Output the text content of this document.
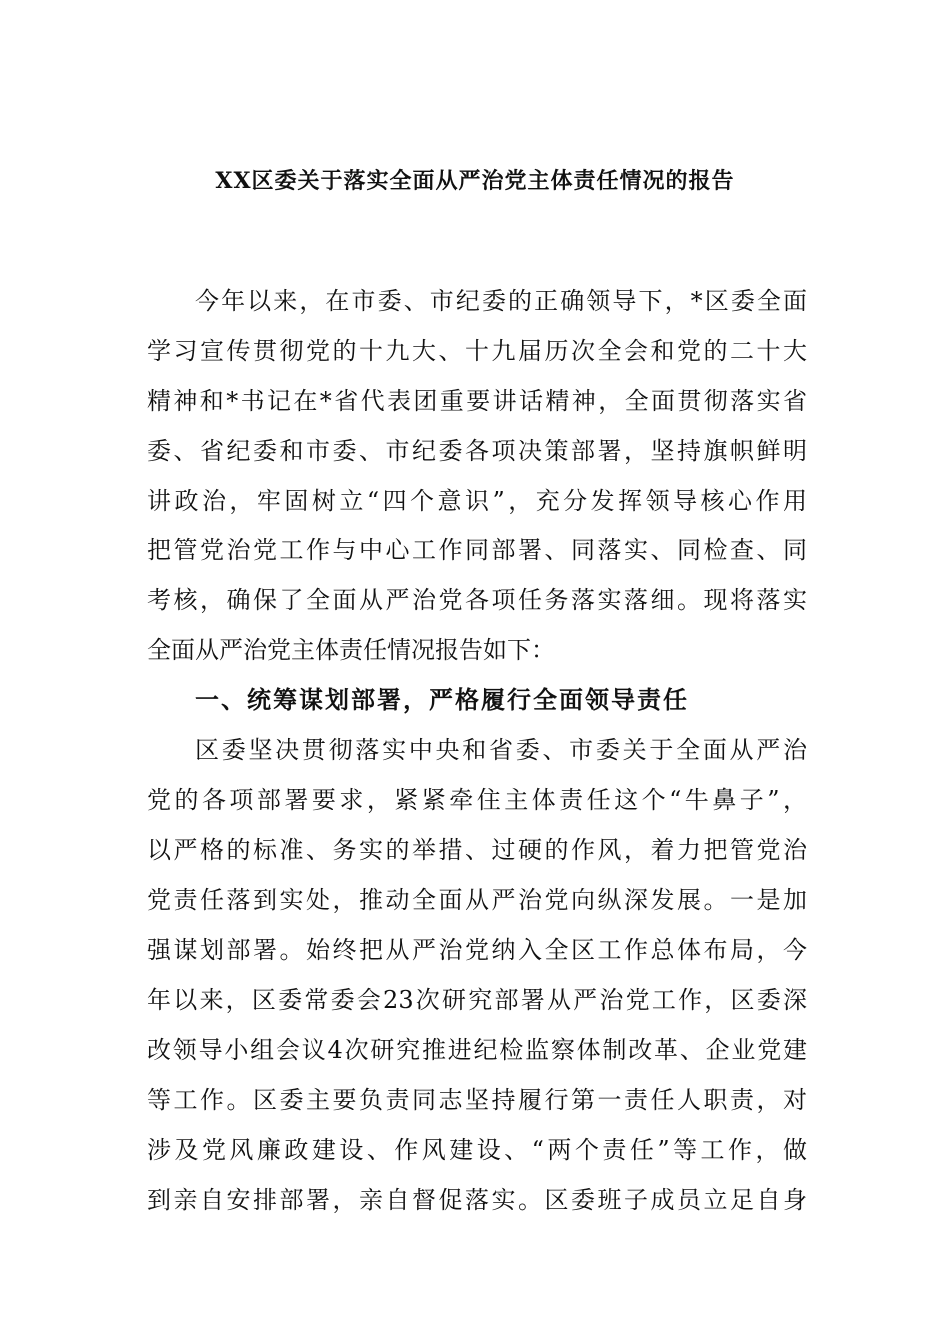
XX区委关于落实全面从严治党主体责任情况的报告
今年以来，在市委、市纪委的正确领导下，*区委全面
学习宣传贯彻党的十九大、十九届历次全会和党的二十大
精神和*书记在*省代表团重要讲话精神，全面贯彻落实省
委、省纪委和市委、市纪委各项决策部署，坚持旗帜鲜明
讲政治，牢固树立“四个意识”，充分发挥领导核心作用
把管党治党工作与中心工作同部署、同落实、同检查、同
考核，确保了全面从严治党各项任务落实落细。现将落实
全面从严治党主体责任情况报告如下：
一、统筹谋划部署，严格履行全面领导责任
区委坚决贯彻落实中央和省委、市委关于全面从严治
党的各项部署要求，紧紧牵住主体责任这个“牛鼻子”，
以严格的标准、务实的举措、过硬的作风，着力把管党治
党责任落到实处，推动全面从严治党向纵深发展。一是加
强谋划部署。始终把从严治党纳入全区工作总体布局，今
年以来，区委常委会23次研究部署从严治党工作，区委深
改领导小组会议4次研究推进纪检监察体制改革、企业党建
等工作。区委主要负责同志坚持履行第一责任人职责，对
涉及党风廉政建设、作风建设、“两个责任”等工作，做
到亲自安排部署，亲自督促落实。区委班子成员立足自身
